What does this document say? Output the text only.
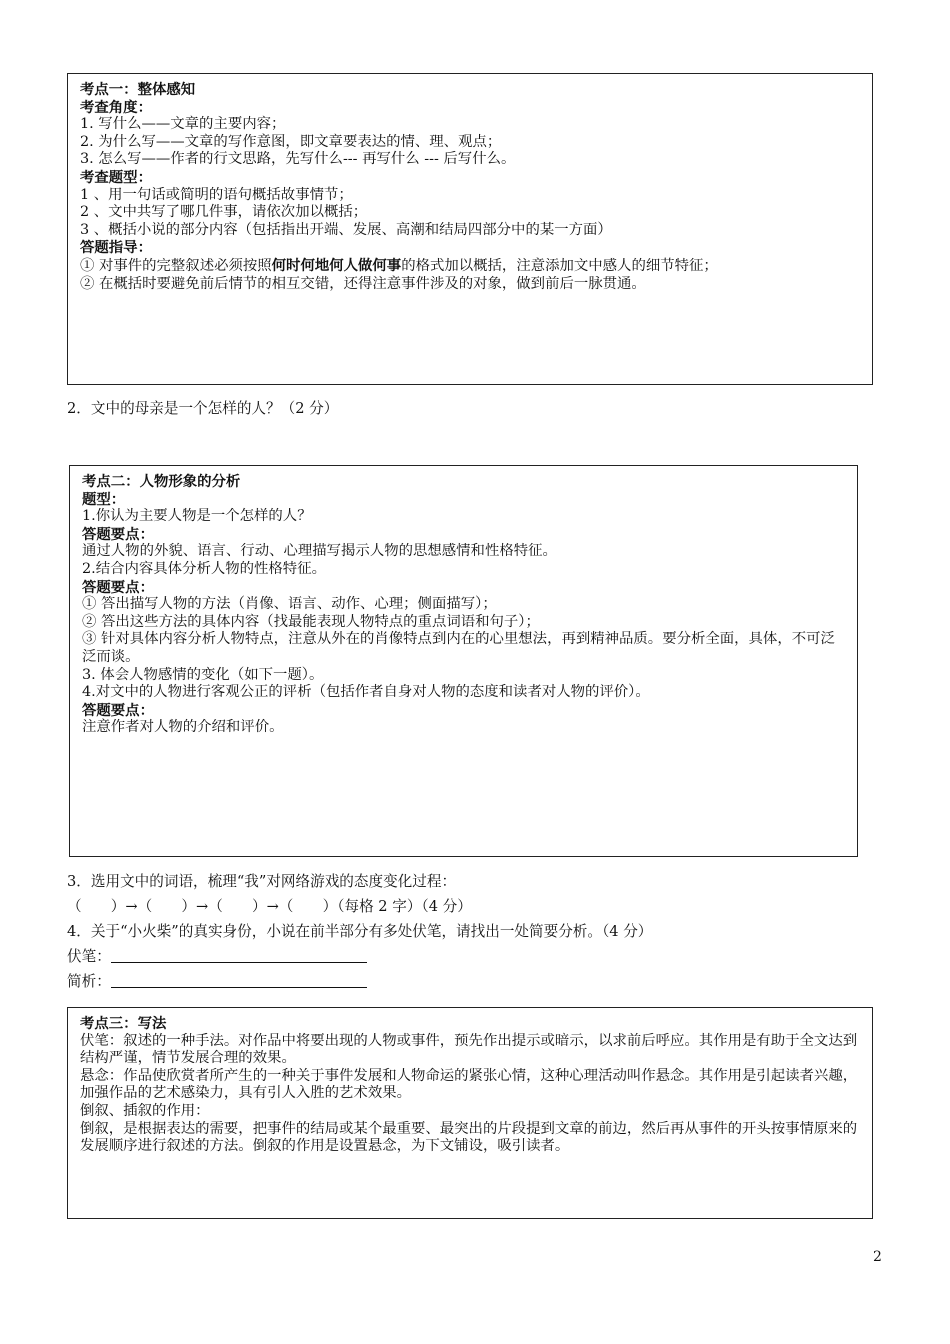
考点一：整体感知
考查角度：
1. 写什么——文章的主要内容；
2. 为什么写——文章的写作意图，即文章要表达的情、理、观点；
3. 怎么写——作者的行文思路，先写什么--- 再写什么 --- 后写什么。
考查题型：
1 、用一句话或简明的语句概括故事情节；
2 、文中共写了哪几件事，请依次加以概括；
3 、概括小说的部分内容（包括指出开端、发展、高潮和结局四部分中的某一方面）
答题指导：
① 对事件的完整叙述必须按照何时何地何人做何事的格式加以概括，注意添加文中感人的细节特征；
② 在概括时要避免前后情节的相互交错，还得注意事件涉及的对象，做到前后一脉贯通。
2．文中的母亲是一个怎样的人？（2 分）
考点二：人物形象的分析
题型：
1.你认为主要人物是一个怎样的人？
答题要点：
通过人物的外貌、语言、行动、心理描写揭示人物的思想感情和性格特征。
2.结合内容具体分析人物的性格特征。
答题要点：
① 答出描写人物的方法（肖像、语言、动作、心理；侧面描写）；
② 答出这些方法的具体内容（找最能表现人物特点的重点词语和句子）；
③ 针对具体内容分析人物特点，注意从外在的肖像特点到内在的心里想法，再到精神品质。要分析全面，具体，不可泛泛而谈。
3. 体会人物感情的变化（如下一题）。
4.对文中的人物进行客观公正的评析（包括作者自身对人物的态度和读者对人物的评价）。
答题要点：
注意作者对人物的介绍和评价。
3．选用文中的词语，梳理“我”对网络游戏的态度变化过程：
（　　）→（　　）→（　　）→（　　）（每格 2 字）（4 分）
4．关于“小火柴”的真实身份，小说在前半部分有多处伏笔，请找出一处简要分析。（4 分）
伏笔：
简析：
考点三：写法
伏笔：叙述的一种手法。对作品中将要出现的人物或事件，预先作出提示或暗示，以求前后呼应。其作用是有助于全文达到结构严谨，情节发展合理的效果。
悬念：作品使欣赏者所产生的一种关于事件发展和人物命运的紧张心情，这种心理活动叫作悬念。其作用是引起读者兴趣，加强作品的艺术感染力，具有引人入胜的艺术效果。
倒叙、插叙的作用：
倒叙，是根据表达的需要，把事件的结局或某个最重要、最突出的片段提到文章的前边，然后再从事件的开头按事情原来的发展顺序进行叙述的方法。倒叙的作用是设置悬念，为下文铺设，吸引读者。
2
